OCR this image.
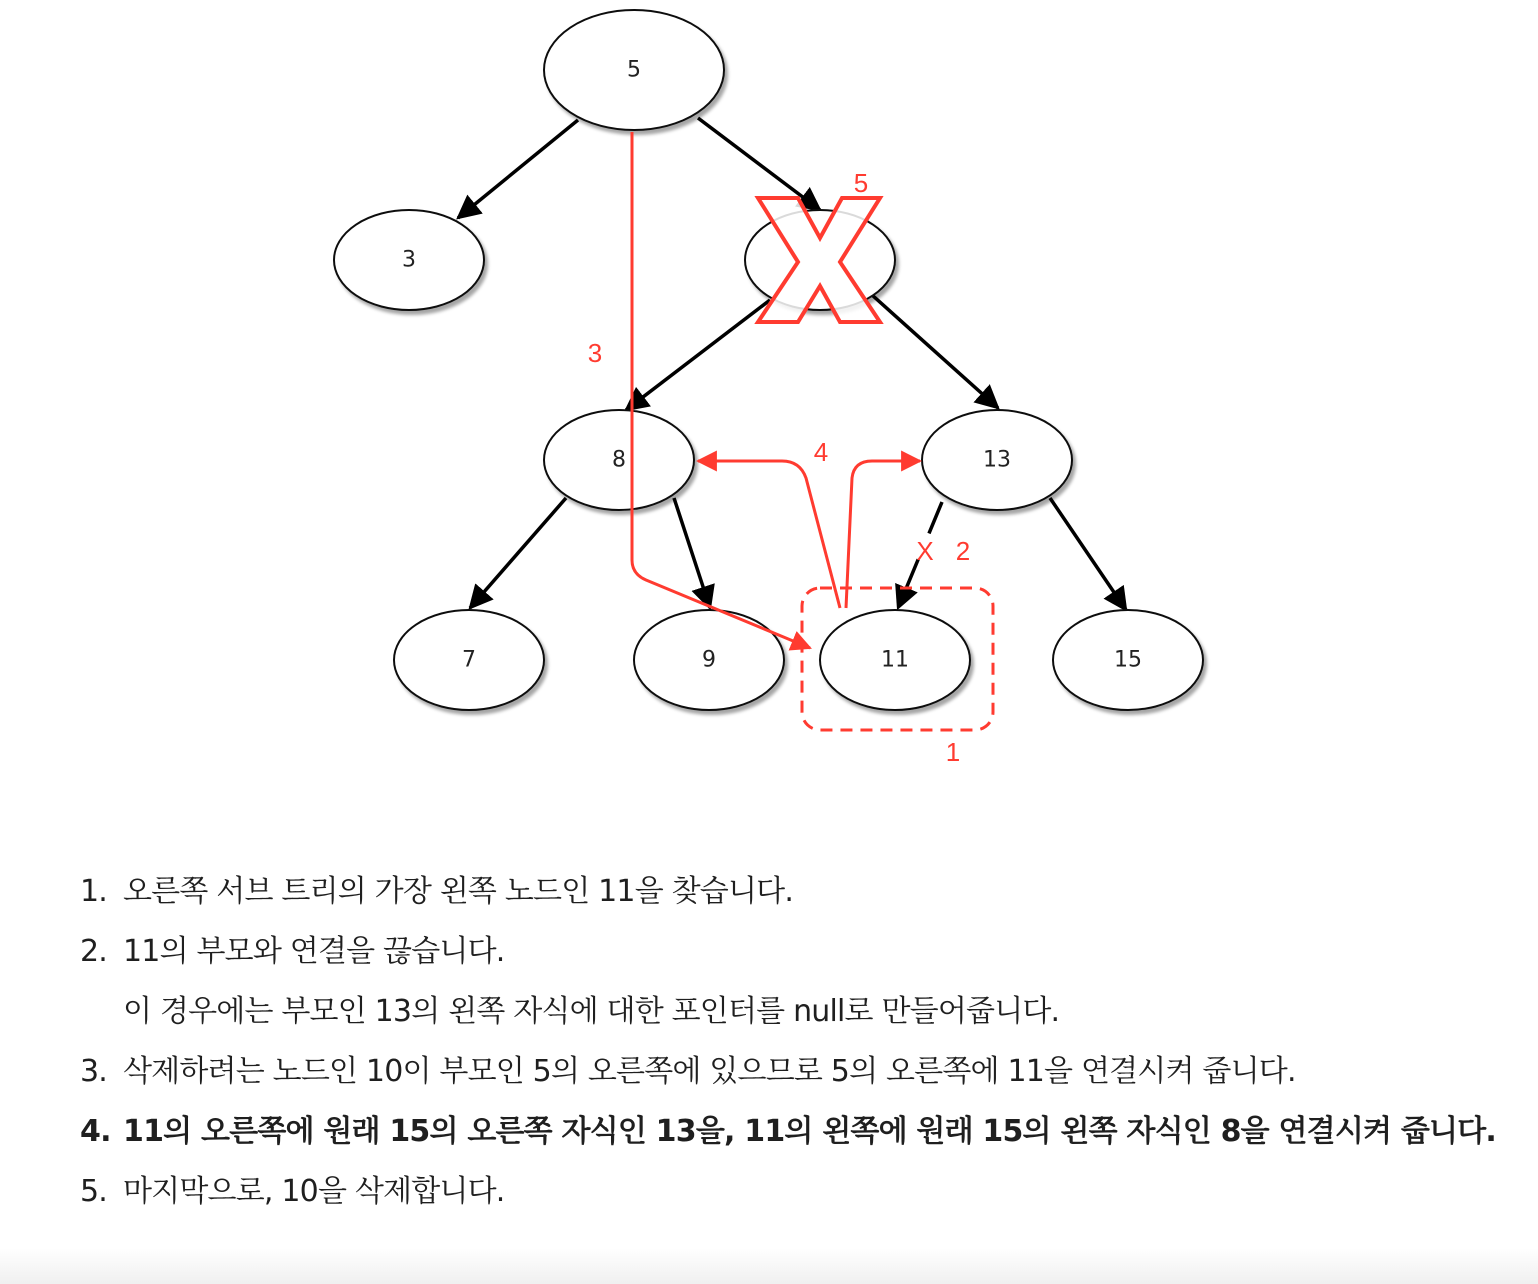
5
3
8	13
7	9	11	15
1
X 2
3
4
5
1. 오른쪽 서브 트리의 가장 왼쪽 노드인 11을 찾습니다.
2. 11의 부모와 연결을 끊습니다.
이 경우에는 부모인 13의 왼쪽 자식에 대한 포인터를 null로 만들어줍니다.
3. 삭제하려는 노드인 10이 부모인 5의 오른쪽에 있으므로 5의 오른쪽에 11을 연결시켜 줍니다.
4. 11의 오른쪽에 원래 15의 오른쪽 자식인 13을, 11의 왼쪽에 원래 15의 왼쪽 자식인 8을 연결시켜 줍니다.
5. 마지막으로, 10을 삭제합니다.
